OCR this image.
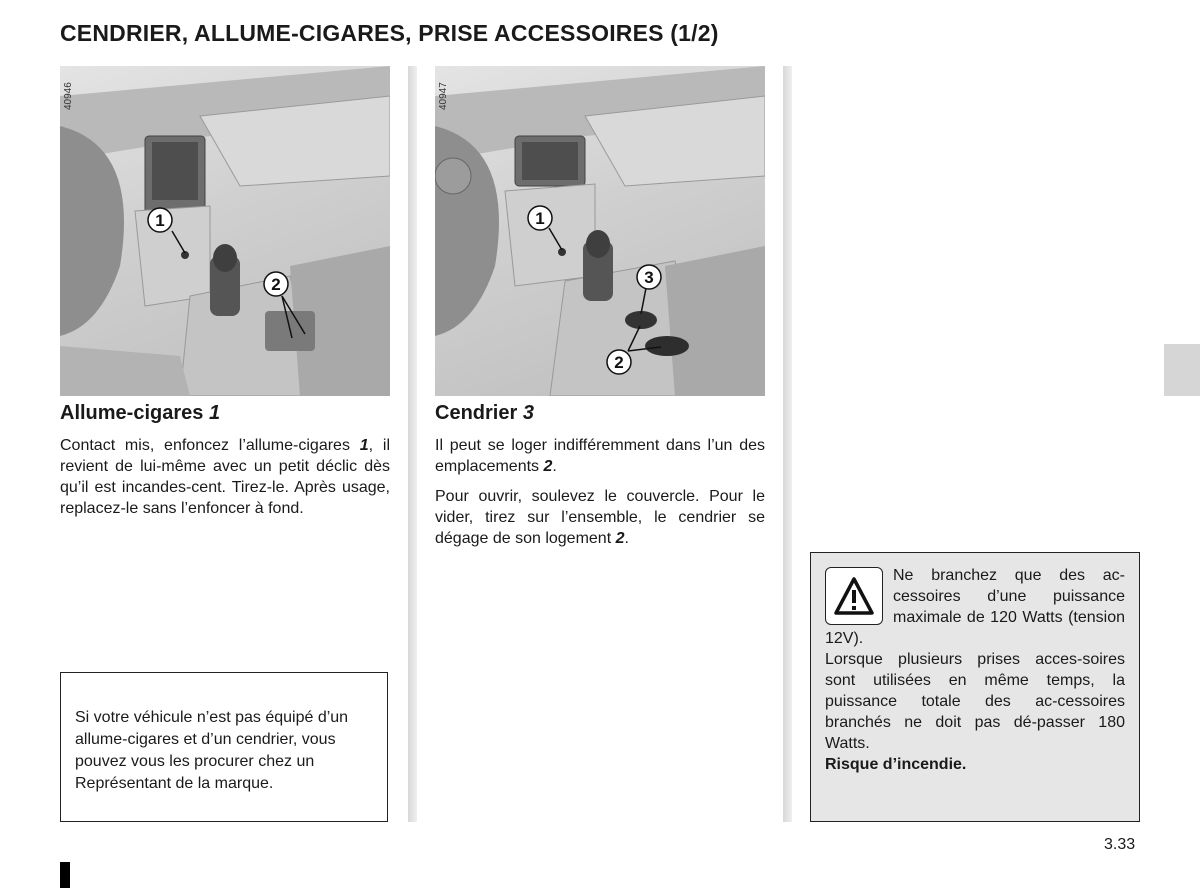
CENDRIER, ALLUME-CIGARES, PRISE ACCESSOIRES (1/2)
1
2
40946
1
3
2
40947
Allume-cigares 1
Contact mis, enfoncez l’allume-cigares 1, il revient de lui-même avec un petit déclic dès qu’il est incandes-cent. Tirez-le. Après usage, replacez-le sans l’enfoncer à fond.
Si votre véhicule n’est pas équipé d’un allume-cigares et d’un cendrier, vous pouvez vous les procurer chez un Représentant de la marque.
Cendrier 3
Il peut se loger indifféremment dans l’un des emplacements 2.
Pour ouvrir, soulevez le couvercle. Pour le vider, tirez sur l’ensemble, le cendrier se dégage de son logement 2.
Ne branchez que des ac-cessoires d’une puissance maximale de 120 Watts (tension 12V).
Lorsque plusieurs prises acces-soires sont utilisées en même temps, la puissance totale des ac-cessoires branchés ne doit pas dé-passer 180 Watts.
Risque d’incendie.
3.33
